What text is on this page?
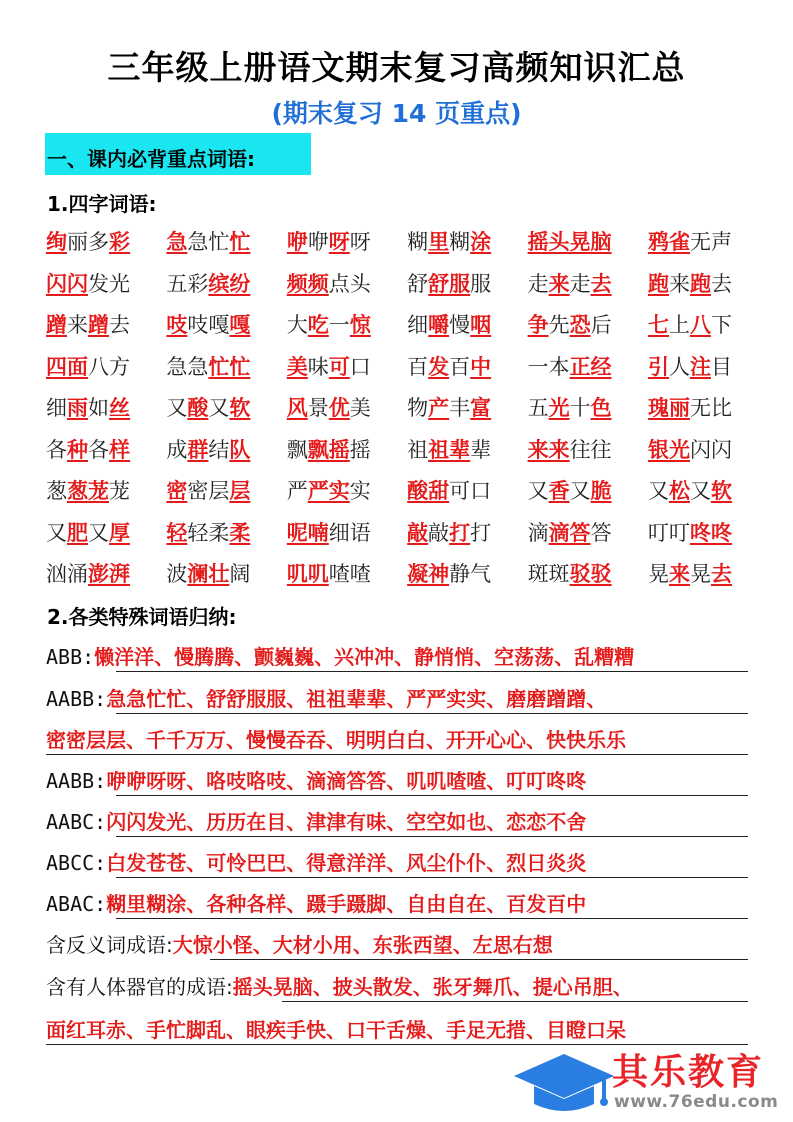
三年级上册语文期末复习高频知识汇总
(期末复习 14 页重点)
一、课内必背重点词语:
1.四字词语:
绚丽多彩	急急忙忙	咿咿呀呀	糊里糊涂	摇头晃脑	鸦雀无声
闪闪发光	五彩缤纷	频频点头	舒舒服服	走来走去	跑来跑去
蹭来蹭去	吱吱嘎嘎	大吃一惊	细嚼慢咽	争先恐后	七上八下
四面八方	急急忙忙	美味可口	百发百中	一本正经	引人注目
细雨如丝	又酸又软	风景优美	物产丰富	五光十色	瑰丽无比
各种各样	成群结队	飘飘摇摇	祖祖辈辈	来来往往	银光闪闪
葱葱茏茏	密密层层	严严实实	酸甜可口	又香又脆	又松又软
又肥又厚	轻轻柔柔	呢喃细语	敲敲打打	滴滴答答	叮叮咚咚
汹涌澎湃	波澜壮阔	叽叽喳喳	凝神静气	斑斑驳驳	晃来晃去
2.各类特殊词语归纳:
ABB:懒洋洋、慢腾腾、颤巍巍、兴冲冲、静悄悄、空荡荡、乱糟糟
AABB:急急忙忙、舒舒服服、祖祖辈辈、严严实实、磨磨蹭蹭、
密密层层、千千万万、慢慢吞吞、明明白白、开开心心、快快乐乐
AABB:咿咿呀呀、咯吱咯吱、滴滴答答、叽叽喳喳、叮叮咚咚
AABC:闪闪发光、历历在目、津津有味、空空如也、恋恋不舍
ABCC:白发苍苍、可怜巴巴、得意洋洋、风尘仆仆、烈日炎炎
ABAC:糊里糊涂、各种各样、蹑手蹑脚、自由自在、百发百中
含反义词成语:大惊小怪、大材小用、东张西望、左思右想
含有人体器官的成语:摇头晃脑、披头散发、张牙舞爪、提心吊胆、
面红耳赤、手忙脚乱、眼疾手快、口干舌燥、手足无措、目瞪口呆
其乐教育
www.76edu.com
